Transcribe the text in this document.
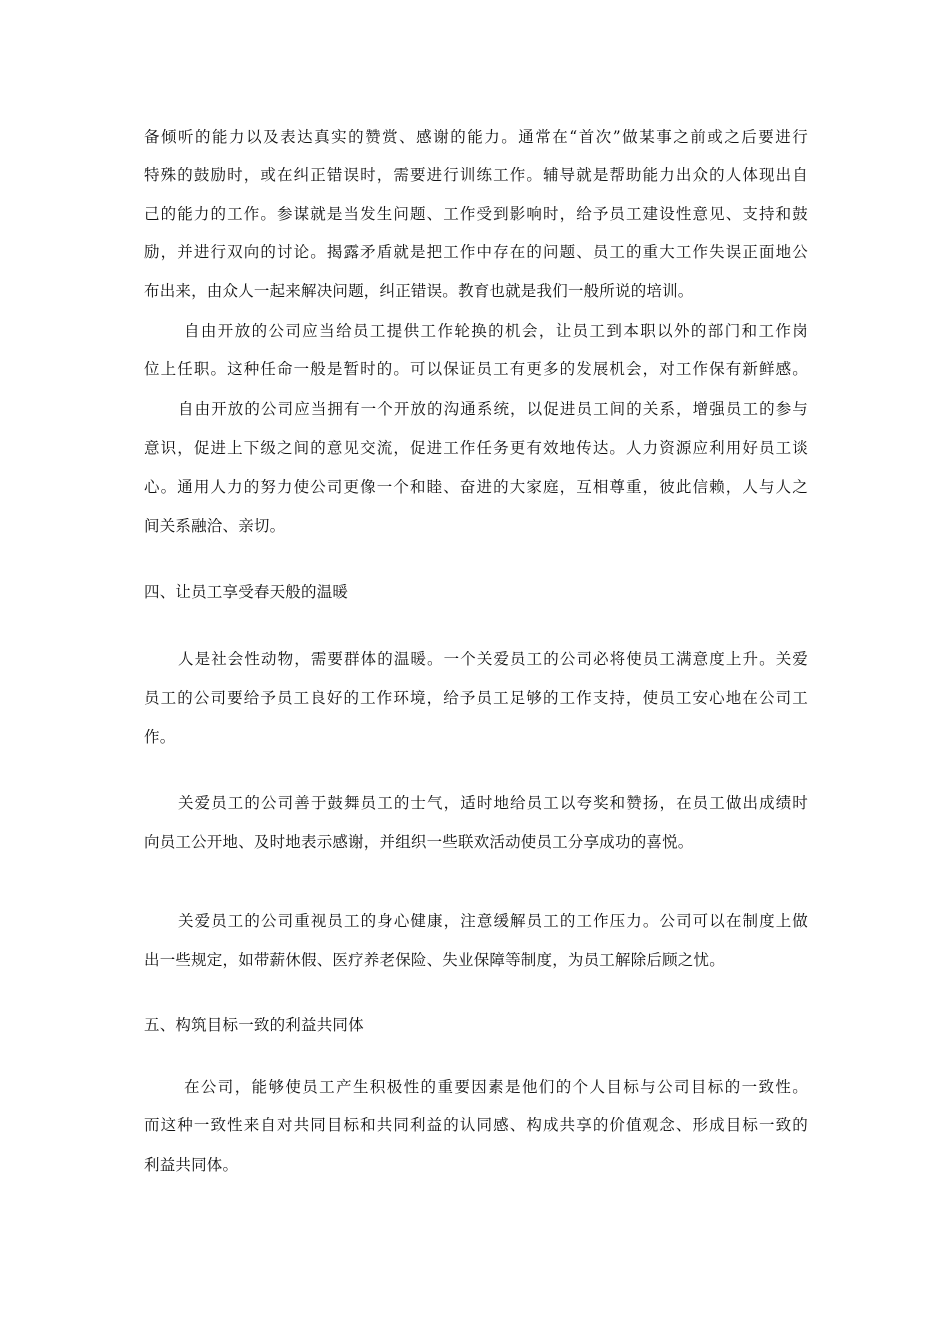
备倾听的能力以及表达真实的赞赏、感谢的能力。通常在“首次”做某事之前或之后要进行
特殊的鼓励时，或在纠正错误时，需要进行训练工作。辅导就是帮助能力出众的人体现出自
己的能力的工作。参谋就是当发生问题、工作受到影响时，给予员工建设性意见、支持和鼓
励，并进行双向的讨论。揭露矛盾就是把工作中存在的问题、员工的重大工作失误正面地公
布出来，由众人一起来解决问题，纠正错误。教育也就是我们一般所说的培训。
自由开放的公司应当给员工提供工作轮换的机会，让员工到本职以外的部门和工作岗
位上任职。这种任命一般是暂时的。可以保证员工有更多的发展机会，对工作保有新鲜感。
自由开放的公司应当拥有一个开放的沟通系统，以促进员工间的关系，增强员工的参与
意识，促进上下级之间的意见交流，促进工作任务更有效地传达。人力资源应利用好员工谈
心。通用人力的努力使公司更像一个和睦、奋进的大家庭，互相尊重，彼此信赖，人与人之
间关系融洽、亲切。
四、让员工享受春天般的温暖
人是社会性动物，需要群体的温暖。一个关爱员工的公司必将使员工满意度上升。关爱
员工的公司要给予员工良好的工作环境，给予员工足够的工作支持，使员工安心地在公司工
作。
关爱员工的公司善于鼓舞员工的士气，适时地给员工以夸奖和赞扬，在员工做出成绩时
向员工公开地、及时地表示感谢，并组织一些联欢活动使员工分享成功的喜悦。
关爱员工的公司重视员工的身心健康，注意缓解员工的工作压力。公司可以在制度上做
出一些规定，如带薪休假、医疗养老保险、失业保障等制度，为员工解除后顾之忧。
五、构筑目标一致的利益共同体
在公司，能够使员工产生积极性的重要因素是他们的个人目标与公司目标的一致性。
而这种一致性来自对共同目标和共同利益的认同感、构成共享的价值观念、形成目标一致的
利益共同体。
